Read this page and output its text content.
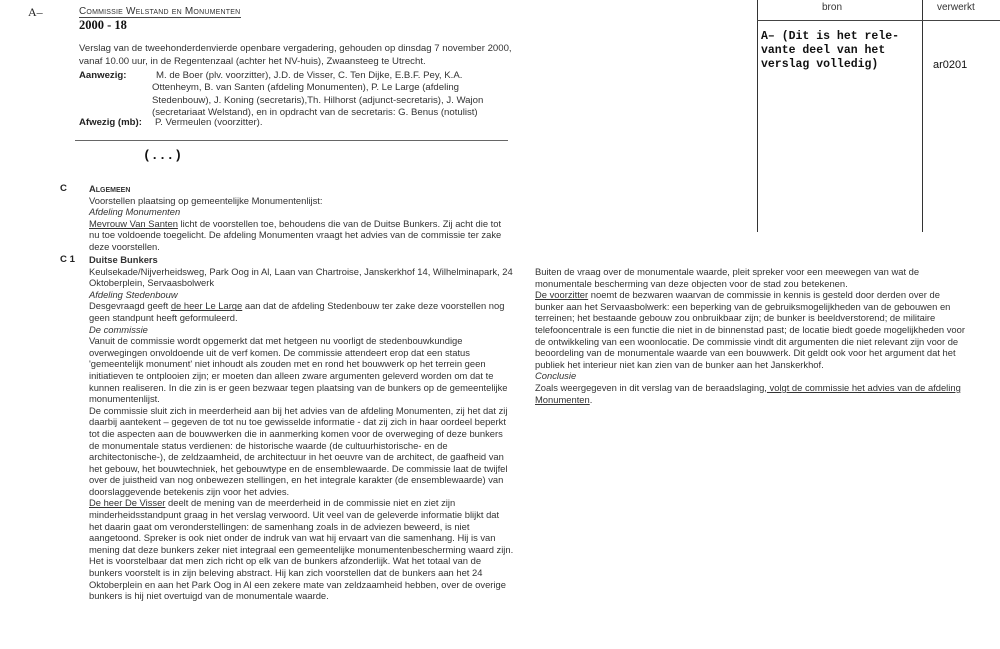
A–	Commissie Welstand en Monumenten
2000 - 18
Verslag van de tweehonderdenvierde openbare vergadering, gehouden op dinsdag 7 november 2000, vanaf 10.00 uur, in de Regentenzaal (achter het NV-huis), Zwaansteeg te Utrecht.
Aanwezig:	M. de Boer (plv. voorzitter), J.D. de Visser, C. Ten Dijke, E.B.F. Pey, K.A. Ottenheym, B. van Santen (afdeling Monumenten), P. Le Large (afdeling Stedenbouw), J. Koning (secretaris),Th. Hilhorst (adjunct-secretaris), J. Wajon (secretariaat Welstand), en in opdracht van de secretaris: G. Benus (notulist)
Afwezig (mb): P. Vermeulen (voorzitter).
(...)
C Algemeen

Voorstellen plaatsing op gemeentelijke Monumentenlijst:

Afdeling Monumenten

Mevrouw Van Santen licht de voorstellen toe, behoudens die van de Duitse Bunkers. Zij acht die tot nu toe voldoende toegelicht. De afdeling Monumenten vraagt het advies van de commissie ter zake deze voorstellen.

C 1 Duitse Bunkers

Keulsekade/Nijverheidsweg, Park Oog in Al, Laan van Chartroise, Janskerkhof 14, Wilhelminapark, 24 Oktoberplein, Servaasbolwerk

Afdeling Stedenbouw

Desgevraagd geeft de heer Le Large aan dat de afdeling Stedenbouw ter zake deze voorstellen nog geen standpunt heeft geformuleerd.

De commissie

Vanuit de commissie wordt opgemerkt dat met hetgeen nu voorligt de stedenbouwkundige overwegingen onvoldoende uit de verf komen. De commissie attendeert erop dat een status 'gemeentelijk monument' niet inhoudt als zouden met en rond het bouwwerk op het terrein geen initiatieven te ontplooien zijn; er moeten dan alleen zware argumenten geleverd worden om dat te kunnen realiseren. In die zin is er geen bezwaar tegen plaatsing van de bunkers op de gemeentelijke monumentenlijst.

De commissie sluit zich in meerderheid aan bij het advies van de afdeling Monumenten, zij het dat zij daarbij aantekent – gegeven de tot nu toe gewisselde informatie - dat zij zich in haar oordeel beperkt tot die aspecten aan de bouwwerken die in aanmerking komen voor de overweging of deze bunkers de monumentale status verdienen: de historische waarde (de cultuurhistorische- en de architectonische-), de zeldzaamheid, de architectuur in het oeuvre van de architect, de gaafheid van het gebouw, het bouwtechniek, het gebouwtype en de ensemblewaarde. De commissie laat de twijfel over de juistheid van nog onbewezen stellingen, en het integrale karakter (de ensemblewaarde) van doorslaggevende betekenis zijn voor het advies.

De heer De Visser deelt de mening van de meerderheid in de commissie niet en ziet zijn minderheidsstandpunt graag in het verslag verwoord. Uit veel van de geleverde informatie blijkt dat het daarin gaat om veronderstellingen: de samenhang zoals in de adviezen beweerd, is niet aangetoond. Spreker is ook niet onder de indruk van wat hij ervaart van die samenhang. Hij is van mening dat deze bunkers zeker niet integraal een gemeentelijke monumentenbescherming waard zijn. Het is voorstelbaar dat men zich richt op elk van de bunkers afzonderlijk. Wat het totaal van de bunkers voorstelt is in zijn beleving abstract. Hij kan zich voorstellen dat de bunkers aan het 24 Oktoberplein en aan het Park Oog in Al een zekere mate van zeldzaamheid hebben, over de overige bunkers is hij niet overtuigd van de monumentale waarde.

Buiten de vraag over de monumentale waarde, pleit spreker voor een meewegen van wat de monumentale bescherming van deze objecten voor de stad zou betekenen.

De voorzitter noemt de bezwaren waarvan de commissie in kennis is gesteld door derden over de bunker aan het Servaasbolwerk: een beperking van de gebruiksmogelijkheden van de gebouwen en terreinen; het bestaande gebouw zou onbruikbaar zijn; de bunker is beeldverstorend; de militaire telefooncentrale is een functie die niet in de binnenstad past; de locatie biedt goede mogelijkheden voor de ontwikkeling van een woonlocatie. De commissie vindt dit argumenten die niet relevant zijn voor de beoordeling van de monumentale waarde van een bouwwerk. Dit geldt ook voor het argument dat het publiek het interieur niet kan zien van de bunker aan het Janskerkhof.

Conclusie

Zoals weergegeven in dit verslag van de beraadslaging, volgt de commissie het advies van de afdeling Monumenten.

bron	verwerkt
A– (Dit is het rele-
vante deel van het
verslag volledig)	ar0201
